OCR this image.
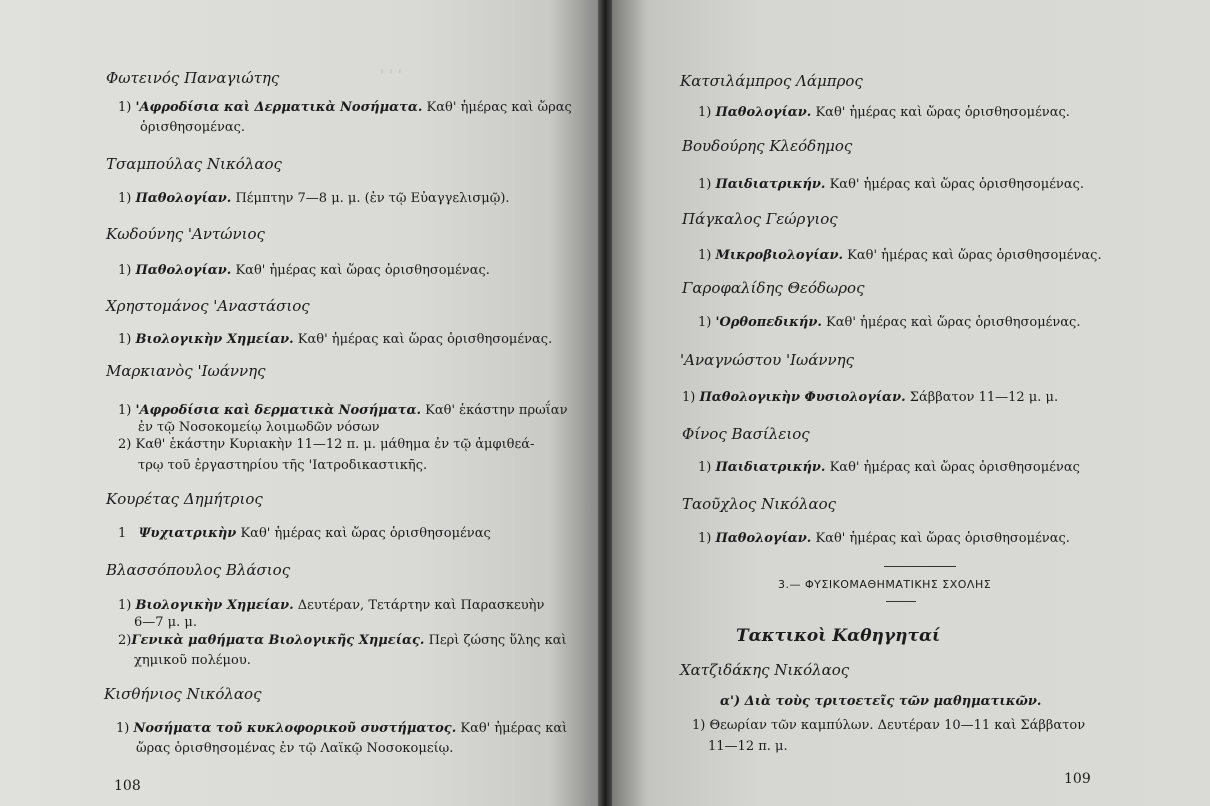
' ' '
Φωτεινός Παναγιώτης
1) 'Αφροδίσια καὶ Δερματικὰ Νοσήματα. Καθ' ἡμέρας καὶ ὥρας
ὁρισθησομένας.
Τσαμπούλας Νικόλαος
1) Παθολογίαν. Πέμπτην 7—8 μ. μ. (ἐν τῷ Εὐαγγελισμῷ).
Κωδούνης 'Αντώνιος
1) Παθολογίαν. Καθ' ἡμέρας καὶ ὥρας ὁρισθησομένας.
Χρηστομάνος 'Αναστάσιος
1) Βιολογικὴν Χημείαν. Καθ' ἡμέρας καὶ ὥρας ὁρισθησομένας.
Μαρκιανὸς 'Ιωάννης
1) 'Αφροδίσια καὶ δερματικὰ Νοσήματα. Καθ' ἑκάστην πρωΐαν
ἐν τῷ Νοσοκομείῳ λοιμωδῶν νόσων
2) Καθ' ἑκάστην Κυριακὴν 11—12 π. μ. μάθημα ἐν τῷ ἀμφιθεά-
τρῳ τοῦ ἐργαστηρίου τῆς 'Ιατροδικαστικῆς.
Κουρέτας Δημήτριος
1 Ψυχιατρικὴν Καθ' ἡμέρας καὶ ὥρας ὁρισθησομένας
Βλασσόπουλος Βλάσιος
1) Βιολογικὴν Χημείαν. Δευτέραν, Τετάρτην καὶ Παρασκευὴν
6—7 μ. μ.
2)Γενικὰ μαθήματα Βιολογικῆς Χημείας. Περὶ ζώσης ὕλης καὶ
χημικοῦ πολέμου.
Κισθήνιος Νικόλαος
1) Νοσήματα τοῦ κυκλοφορικοῦ συστήματος. Καθ' ἡμέρας καὶ
ὥρας ὁρισθησομένας ἐν τῷ Λαϊκῷ Νοσοκομείῳ.
108
Κατσιλάμπρος Λάμπρος
1) Παθολογίαν. Καθ' ἡμέρας καὶ ὥρας ὁρισθησομένας.
Βουδούρης Κλεόδημος
1) Παιδιατρικήν. Καθ' ἡμέρας καὶ ὥρας ὁρισθησομένας.
Πάγκαλος Γεώργιος
1) Μικροβιολογίαν. Καθ' ἡμέρας καὶ ὥρας ὁρισθησομένας.
Γαροφαλίδης Θεόδωρος
1) 'Ορθοπεδικήν. Καθ' ἡμέρας καὶ ὥρας ὁρισθησομένας.
'Αναγνώστου 'Ιωάννης
1) Παθολογικὴν Φυσιολογίαν. Σάββατον 11—12 μ. μ.
Φίνος Βασίλειος
1) Παιδιατρικήν. Καθ' ἡμέρας καὶ ὥρας ὁρισθησομένας
Ταοῦχλος Νικόλαος
1) Παθολογίαν. Καθ' ἡμέρας καὶ ὥρας ὁρισθησομένας.
3.— ΦΥΣΙΚΟΜΑΘΗΜΑΤΙΚΗΣ ΣΧΟΛΗΣ
Τακτικοὶ Καθηγηταί
Χατζιδάκης Νικόλαος
α') Διὰ τοὺς τριτοετεῖς τῶν μαθηματικῶν.
1) Θεωρίαν τῶν καμπύλων. Δευτέραν 10—11 καὶ Σάββατον
11—12 π. μ.
109
